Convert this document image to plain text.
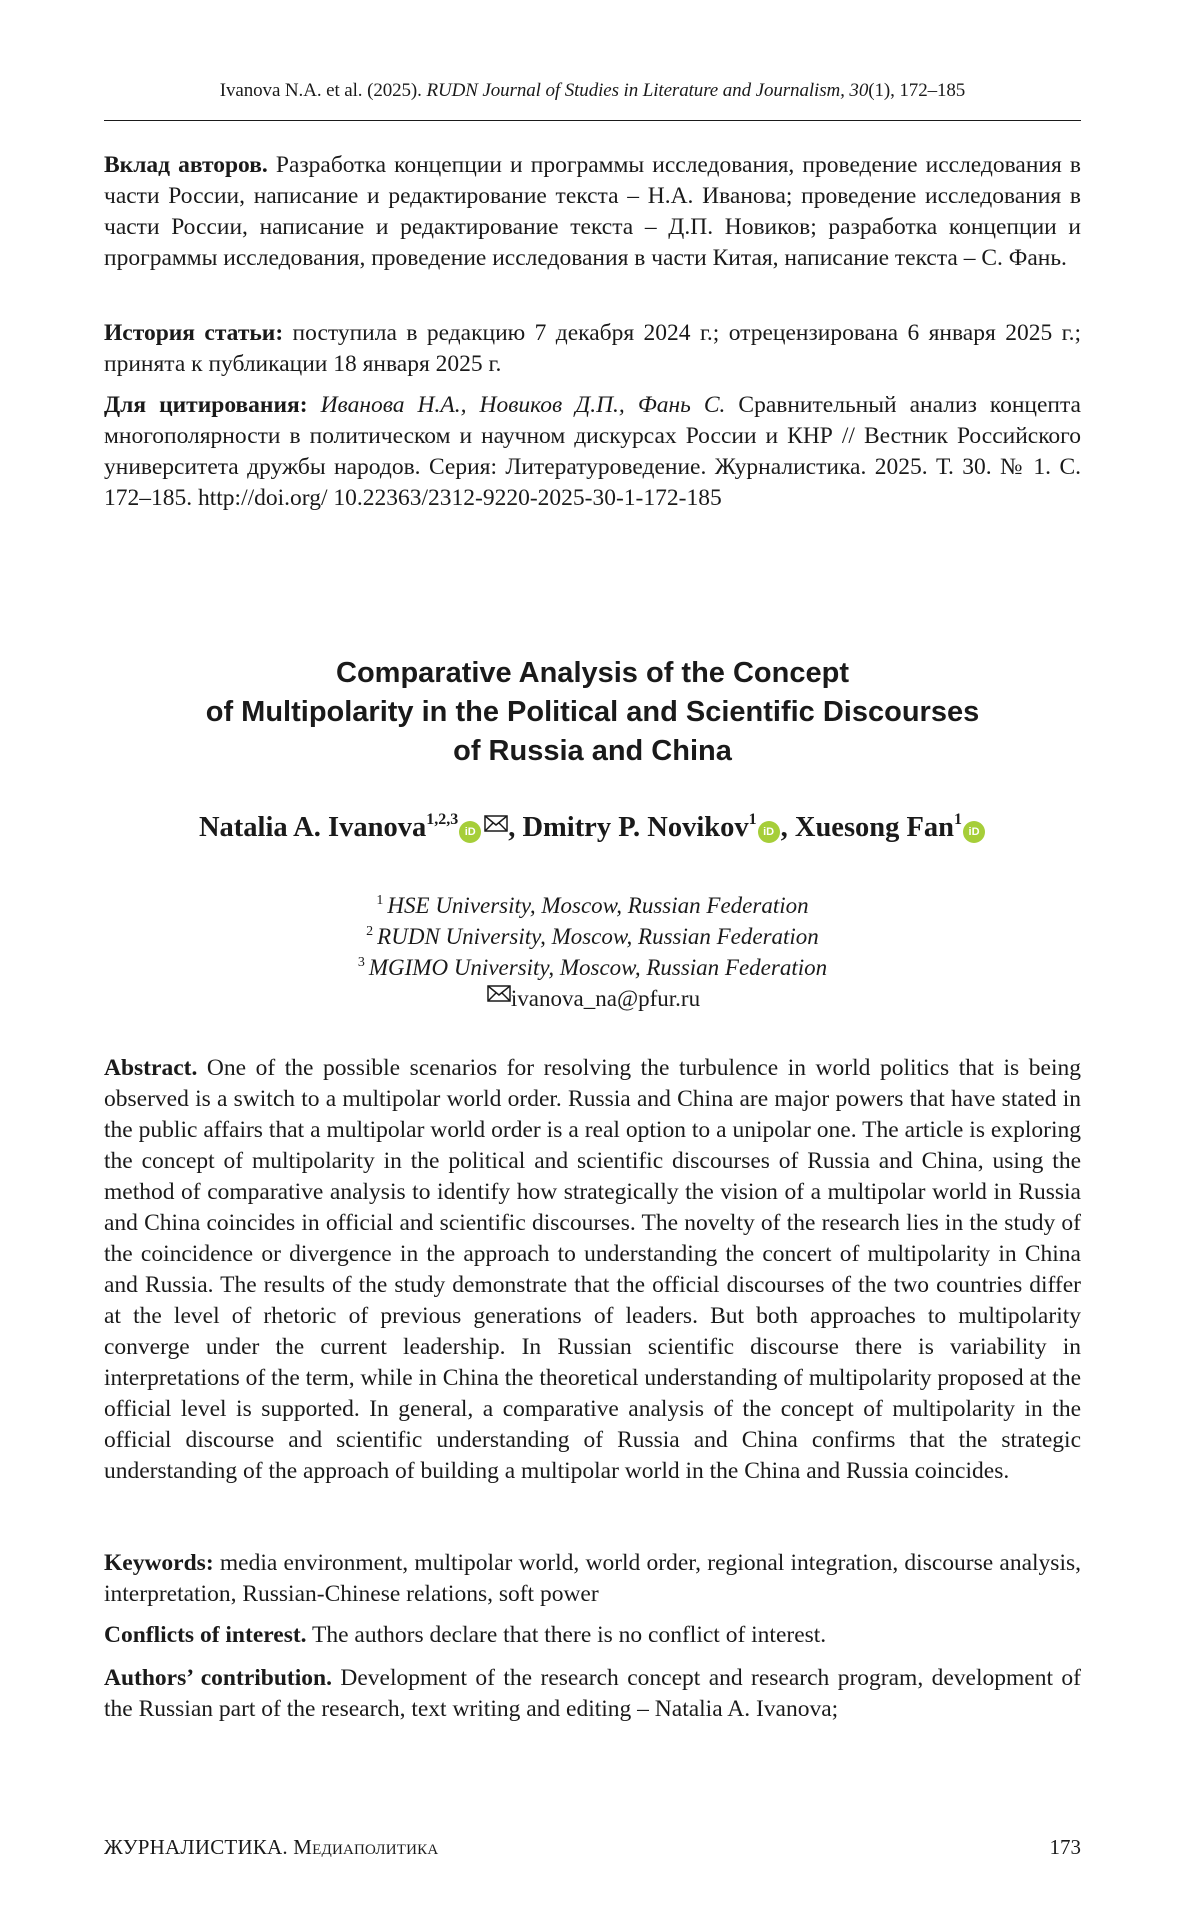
Ivanova N.A. et al. (2025). RUDN Journal of Studies in Literature and Journalism, 30(1), 172–185

Вклад авторов. Разработка концепции и программы исследования, проведение исследования в части России, написание и редактирование текста – Н.А. Иванова; проведение исследования в части России, написание и редактирование текста – Д.П. Новиков; разработка концепции и программы исследования, проведение исследования в части Китая, написание текста – С. Фань.

История статьи: поступила в редакцию 7 декабря 2024 г.; отрецензирована 6 января 2025 г.; принята к публикации 18 января 2025 г.

Для цитирования: Иванова Н.А., Новиков Д.П., Фань С. Сравнительный анализ концепта многополярности в политическом и научном дискурсах России и КНР // Вестник Российского университета дружбы народов. Серия: Литературоведение. Журналистика. 2025. Т. 30. № 1. С. 172–185. http://doi.org/ 10.22363/2312-9220-2025-30-1-172-185

Comparative Analysis of the Concept
of Multipolarity in the Political and Scientific Discourses
of Russia and China
Natalia A. Ivanova$^{1,2,3}$iD , Dmitry P. Novikov$^1$iD , Xuesong Fan$^1$iD
$^1$ HSE University, Moscow, Russian Federation
$^2$ RUDN University, Moscow, Russian Federation
$^3$ MGIMO University, Moscow, Russian Federation
ivanova_na@pfur.ru

Abstract. One of the possible scenarios for resolving the turbulence in world politics that is being observed is a switch to a multipolar world order. Russia and China are major powers that have stated in the public affairs that a multipolar world order is a real option to a unipolar one. The article is exploring the concept of multipolarity in the political and scientific discourses of Russia and China, using the method of comparative analysis to identify how strategically the vision of a multipolar world in Russia and China coincides in official and scientific discourses. The novelty of the research lies in the study of the coincidence or divergence in the approach to understanding the concert of multipolarity in China and Russia. The results of the study demonstrate that the official discourses of the two countries differ at the level of rhetoric of previous generations of leaders. But both approaches to multipolarity converge under the current leadership. In Russian scientific discourse there is variability in interpretations of the term, while in China the theoretical understanding of multipolarity proposed at the official level is supported. In general, a comparative analysis of the concept of multipolarity in the official discourse and scientific understanding of Russia and China confirms that the strategic understanding of the approach of building a multipolar world in the China and Russia coincides.

Keywords: media environment, multipolar world, world order, regional integration, discourse analysis, interpretation, Russian-Chinese relations, soft power

Conflicts of interest. The authors declare that there is no conflict of interest.

Authors’ contribution. Development of the research concept and research program, development of the Russian part of the research, text writing and editing – Natalia A. Ivanova;

ЖУРНАЛИСТИКА. Медиаполитика	173
